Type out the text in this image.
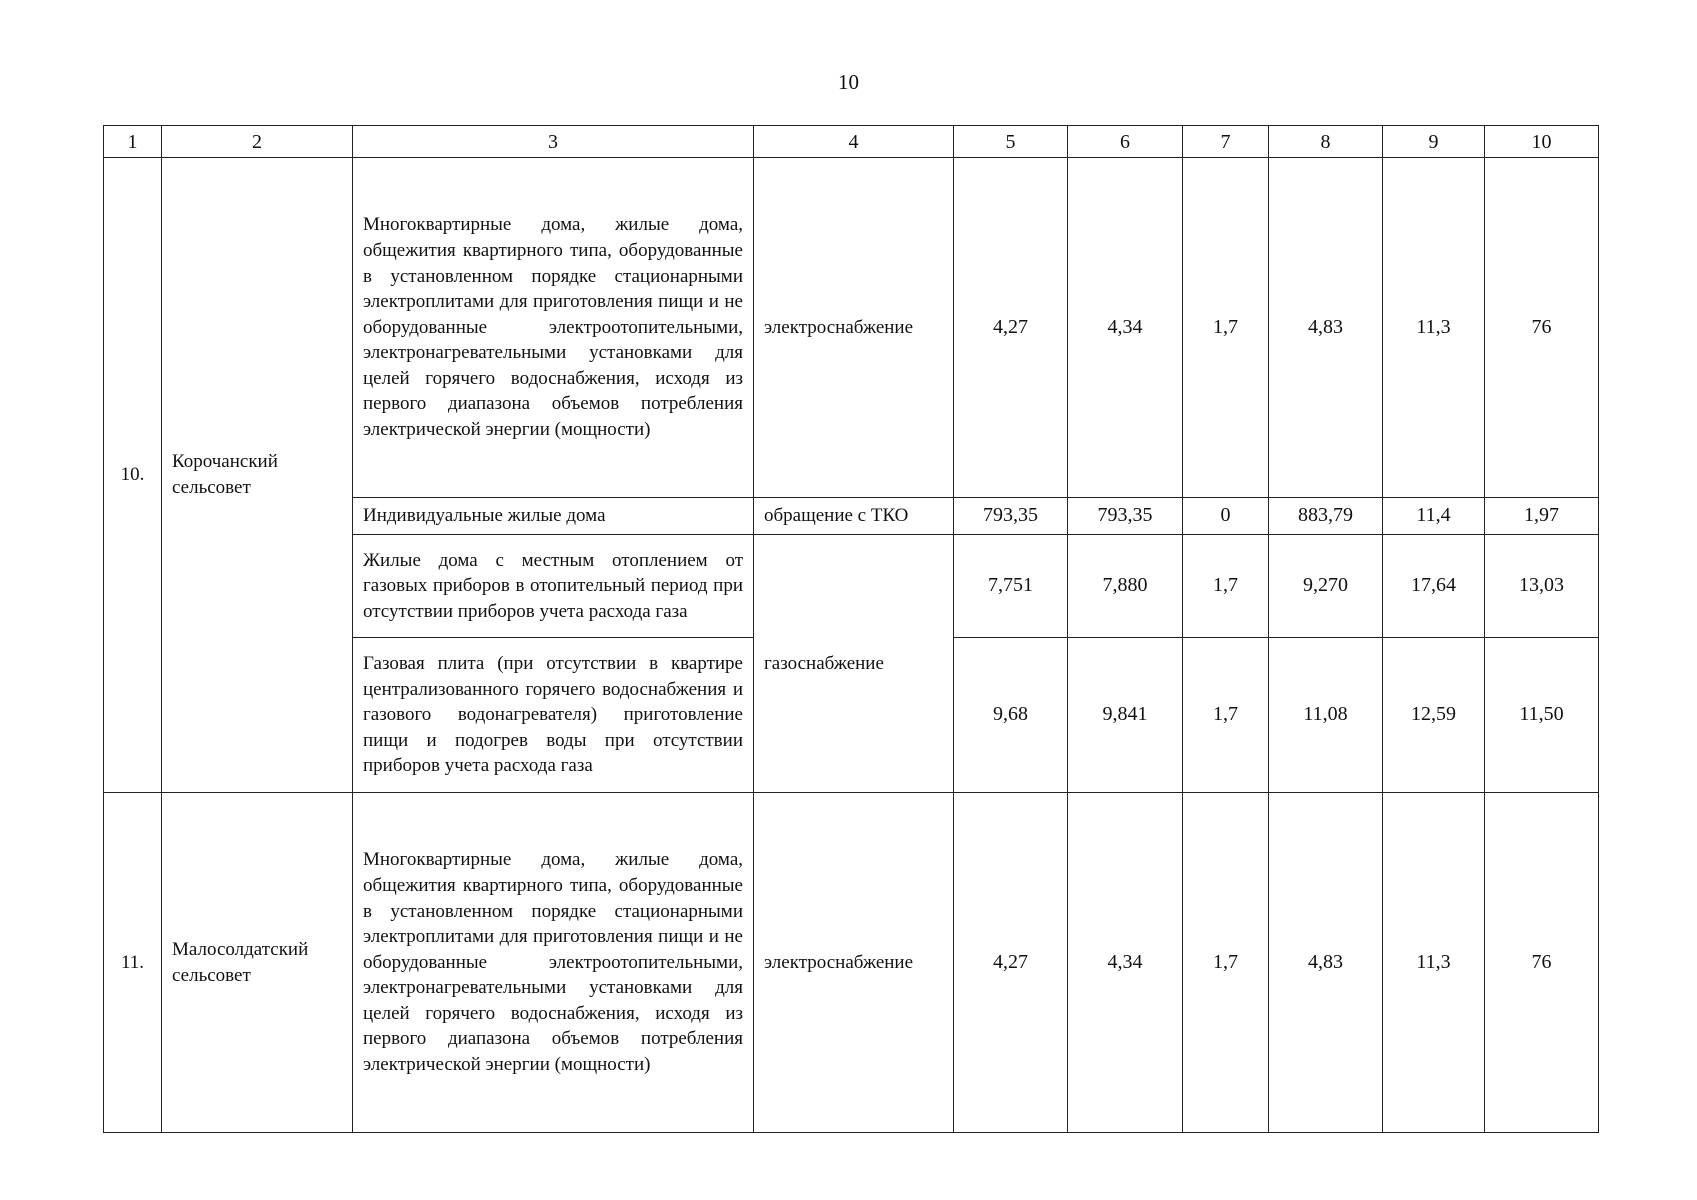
10
1	2	3	4	5	6	7	8	9	10
10.	Корочанский сельсовет	Многоквартирные дома, жилые дома, общежития квартирного типа, оборудованные в установленном порядке стационарными электроплитами для приготовления пищи и не оборудованные электроотопительными, электронагревательными установками для целей горячего водоснабжения, исходя из первого диапазона объемов потребления электрической энергии (мощности)	электроснабжение	4,27	4,34	1,7	4,83	11,3	76

		Индивидуальные жилые дома	обращение с ТКО	793,35	793,35	0	883,79	11,4	1,97

		Жилые дома с местным отоплением от газовых приборов в отопительный период при отсутствии приборов учета расхода газа	газоснабжение	7,751	7,880	1,7	9,270	17,64	13,03

		Газовая плита (при отсутствии в квартире централизованного горячего водоснабжения и газового водонагревателя) приготовление пищи и подогрев воды при отсутствии приборов учета расхода газа		9,68	9,841	1,7	11,08	12,59	11,50
11.	Малосолдатский сельсовет	Многоквартирные дома, жилые дома, общежития квартирного типа, оборудованные в установленном порядке стационарными электроплитами для приготовления пищи и не оборудованные электроотопительными, электронагревательными установками для целей горячего водоснабжения, исходя из первого диапазона объемов потребления электрической энергии (мощности)	электроснабжение	4,27	4,34	1,7	4,83	11,3	76
